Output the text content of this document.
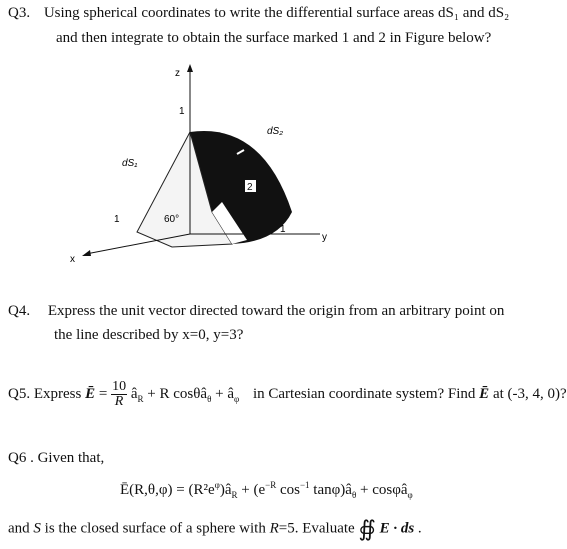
Q3. Using spherical coordinates to write the differential surface areas dS₁ and dS₂
and then integrate to obtain the surface marked 1 and 2 in Figure below?
z
y
x
dS₁
dS₂
60°
1
1
1
2
Q4. Express the unit vector directed toward the origin from an arbitrary point on
the line described by x=0, y=3?
Q5. Express Ē = $\frac{10}{R}$ $â_R + R$ cosθâ$_\theta$ + $â_\varphi$ in Cartesian coordinate system? Find Ē at (-3, 4, 0)?
Q6 . Given that,
Ē(R,θ,φ) = $(R^2e^\varphi)â_R + (e^{-R}$ $\cos^{-1}$ $\tan\varphi)â_\theta$ + cosφâ$_\varphi$
and S is the closed surface of a sphere with R=5. Evaluate ∯ E · ds .
